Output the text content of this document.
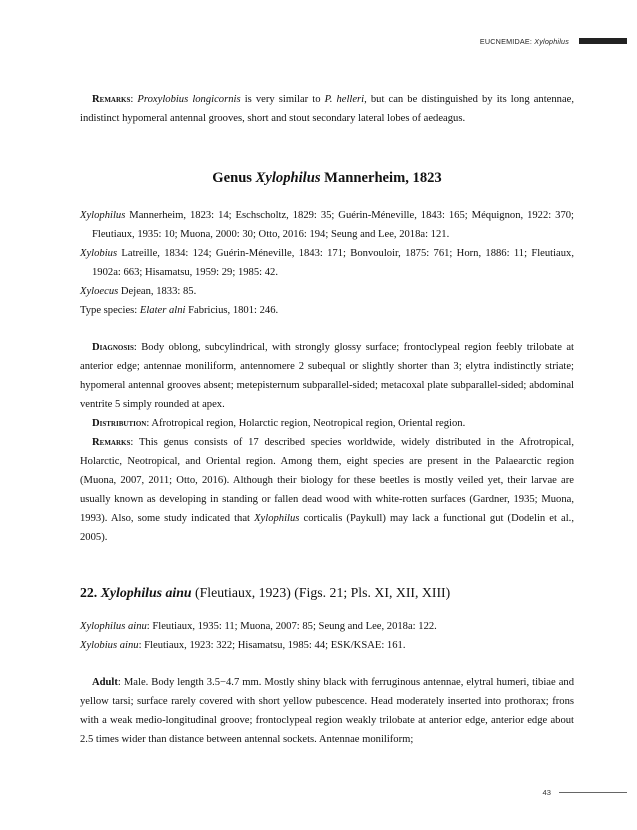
EUCNEMIDAE: Xylophilus

Remarks: Proxylobius longicornis is very similar to P. helleri, but can be distinguished by its long antennae, indistinct hypomeral antennal grooves, short and stout secondary lateral lobes of aedeagus.

Genus Xylophilus Mannerheim, 1823

Xylophilus Mannerheim, 1823: 14; Eschscholtz, 1829: 35; Guérin-Méneville, 1843: 165; Méquignon, 1922: 370; Fleutiaux, 1935: 10; Muona, 2000: 30; Otto, 2016: 194; Seung and Lee, 2018a: 121.

Xylobius Latreille, 1834: 124; Guérin-Méneville, 1843: 171; Bonvouloir, 1875: 761; Horn, 1886: 11; Fleutiaux, 1902a: 663; Hisamatsu, 1959: 29; 1985: 42.

Xyloecus Dejean, 1833: 85.

Type species: Elater alni Fabricius, 1801: 246.

Diagnosis: Body oblong, subcylindrical, with strongly glossy surface; frontoclypeal region feebly trilobate at anterior edge; antennae moniliform, antennomere 2 subequal or slightly shorter than 3; elytra indistinctly striate; hypomeral antennal grooves absent; metepisternum subparallel-sided; metacoxal plate subparallel-sided; abdominal ventrite 5 simply rounded at apex.

Distribution: Afrotropical region, Holarctic region, Neotropical region, Oriental region.

Remarks: This genus consists of 17 described species worldwide, widely distributed in the Afrotropical, Holarctic, Neotropical, and Oriental region. Among them, eight species are present in the Palaearctic region (Muona, 2007, 2011; Otto, 2016). Although their biology for these beetles is mostly veiled yet, their larvae are usually known as developing in standing or fallen dead wood with white-rotten surfaces (Gardner, 1935; Muona, 1993). Also, some study indicated that Xylophilus corticalis (Paykull) may lack a functional gut (Dodelin et al., 2005).

22. Xylophilus ainu (Fleutiaux, 1923) (Figs. 21; Pls. XI, XII, XIII)

Xylophilus ainu: Fleutiaux, 1935: 11; Muona, 2007: 85; Seung and Lee, 2018a: 122.

Xylobius ainu: Fleutiaux, 1923: 322; Hisamatsu, 1985: 44; ESK/KSAE: 161.

Adult: Male. Body length 3.5−4.7 mm. Mostly shiny black with ferruginous antennae, elytral humeri, tibiae and yellow tarsi; surface rarely covered with short yellow pubescence. Head moderately inserted into prothorax; frons with a weak medio-longitudinal groove; frontoclypeal region weakly trilobate at anterior edge, anterior edge about 2.5 times wider than distance between antennal sockets. Antennae moniliform;

43
